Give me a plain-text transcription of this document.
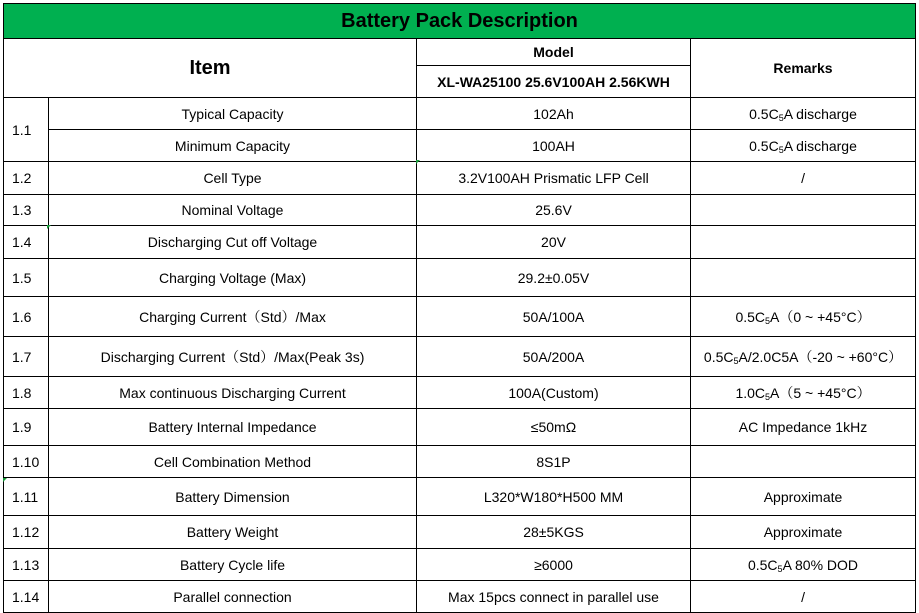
Battery Pack Description			
Item		Model	Remarks
		XL-WA25100 25.6V100AH 2.56KWH	
1.1	Typical Capacity	102Ah	$0.5C_5A$ discharge
	Minimum Capacity	100AH	$0.5C_5A$ discharge
1.2	Cell Type	3.2V100AH Prismatic LFP Cell	/
1.3	Nominal Voltage	25.6V	
1.4	Discharging Cut off Voltage	20V	
1.5	Charging Voltage (Max)	29.2±0.05V	
1.6	Charging Current（Std）/Max	50A/100A	$0.5C_5A(0$ ~ +45°C）
1.7	Discharging Current（Std）/Max(Peak 3s)	50A/200A	$0.5C_5A/2.0C5A(-20$ ~ +60°C）
1.8	Max continuous Discharging Current	100A(Custom)	$1.0C_5A(5$ ~ +45°C）
1.9	Battery Internal Impedance	≤50mΩ	AC Impedance 1kHz
1.10	Cell Combination Method	8S1P	
1.11	Battery Dimension	L320*W180*H500 MM	Approximate
1.12	Battery Weight	28±5KGS	Approximate
1.13	Battery Cycle life	≥6000	$0.5C_5A$ 80% DOD
1.14	Parallel connection	Max 15pcs connect in parallel use	/
